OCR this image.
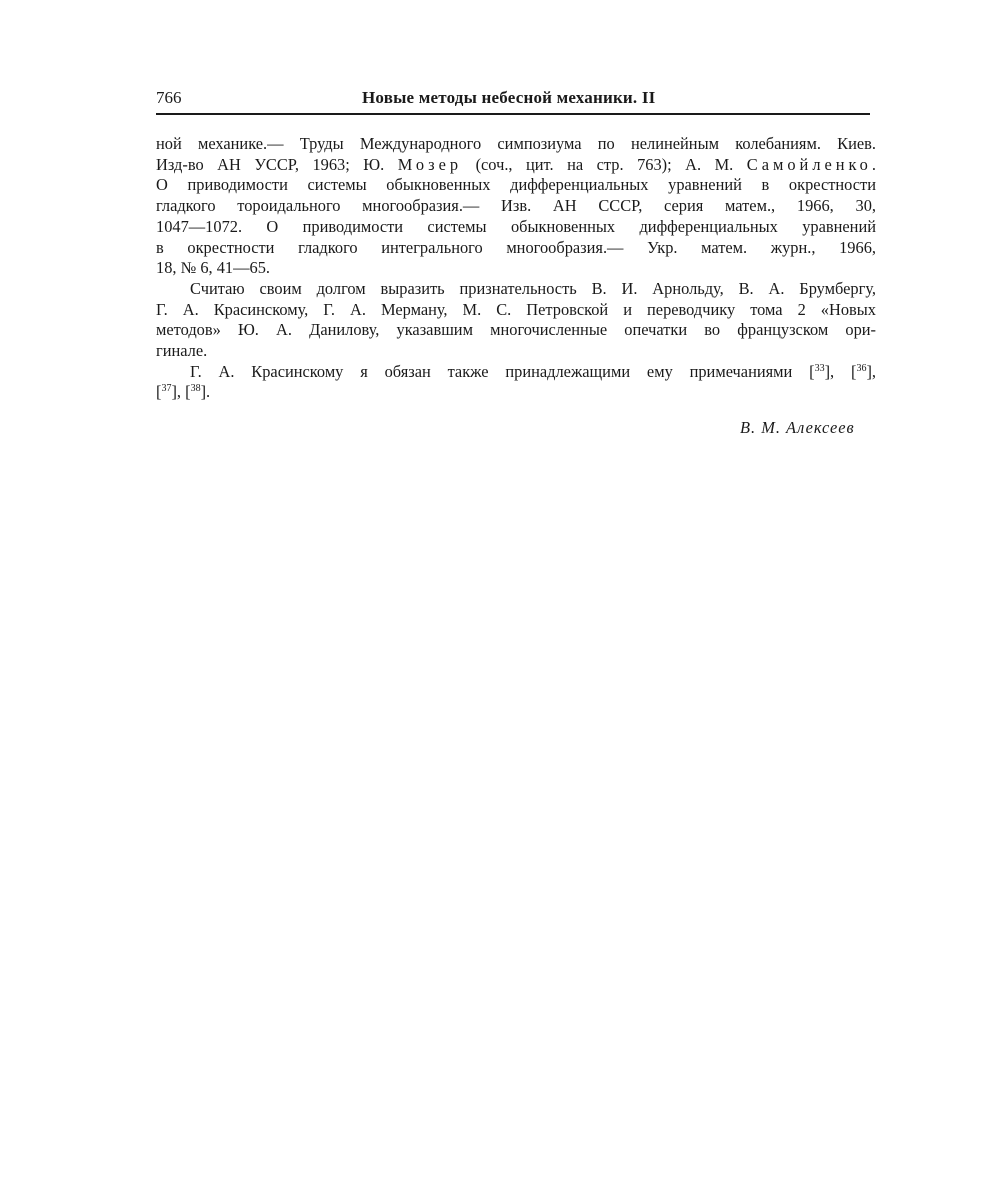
766	Новые методы небесной механики. II
ной механике.— Труды Международного симпозиума по нелинейным колебаниям. Киев.
Изд-во АН УССР, 1963; Ю. Мозер (соч., цит. на стр. 763); А. М. Самойленко.
О приводимости системы обыкновенных дифференциальных уравнений в окрестности
гладкого тороидального многообразия.— Изв. АН СССР, серия матем., 1966, 30,
1047—1072. О приводимости системы обыкновенных дифференциальных уравнений
в окрестности гладкого интегрального многообразия.— Укр. матем. журн., 1966,
18, № 6, 41—65.
Считаю своим долгом выразить признательность В. И. Арнольду, В. А. Брумбергу,
Г. А. Красинскому, Г. А. Мерману, М. С. Петровской и переводчику тома 2 «Новых
методов» Ю. А. Данилову, указавшим многочисленные опечатки во французском ори-
гинале.
Г. А. Красинскому я обязан также принадлежащими ему примечаниями [$^{33}$], [$^{36}$],
[$^{37}$], [$^{38}$].
В. М. Алексеев
